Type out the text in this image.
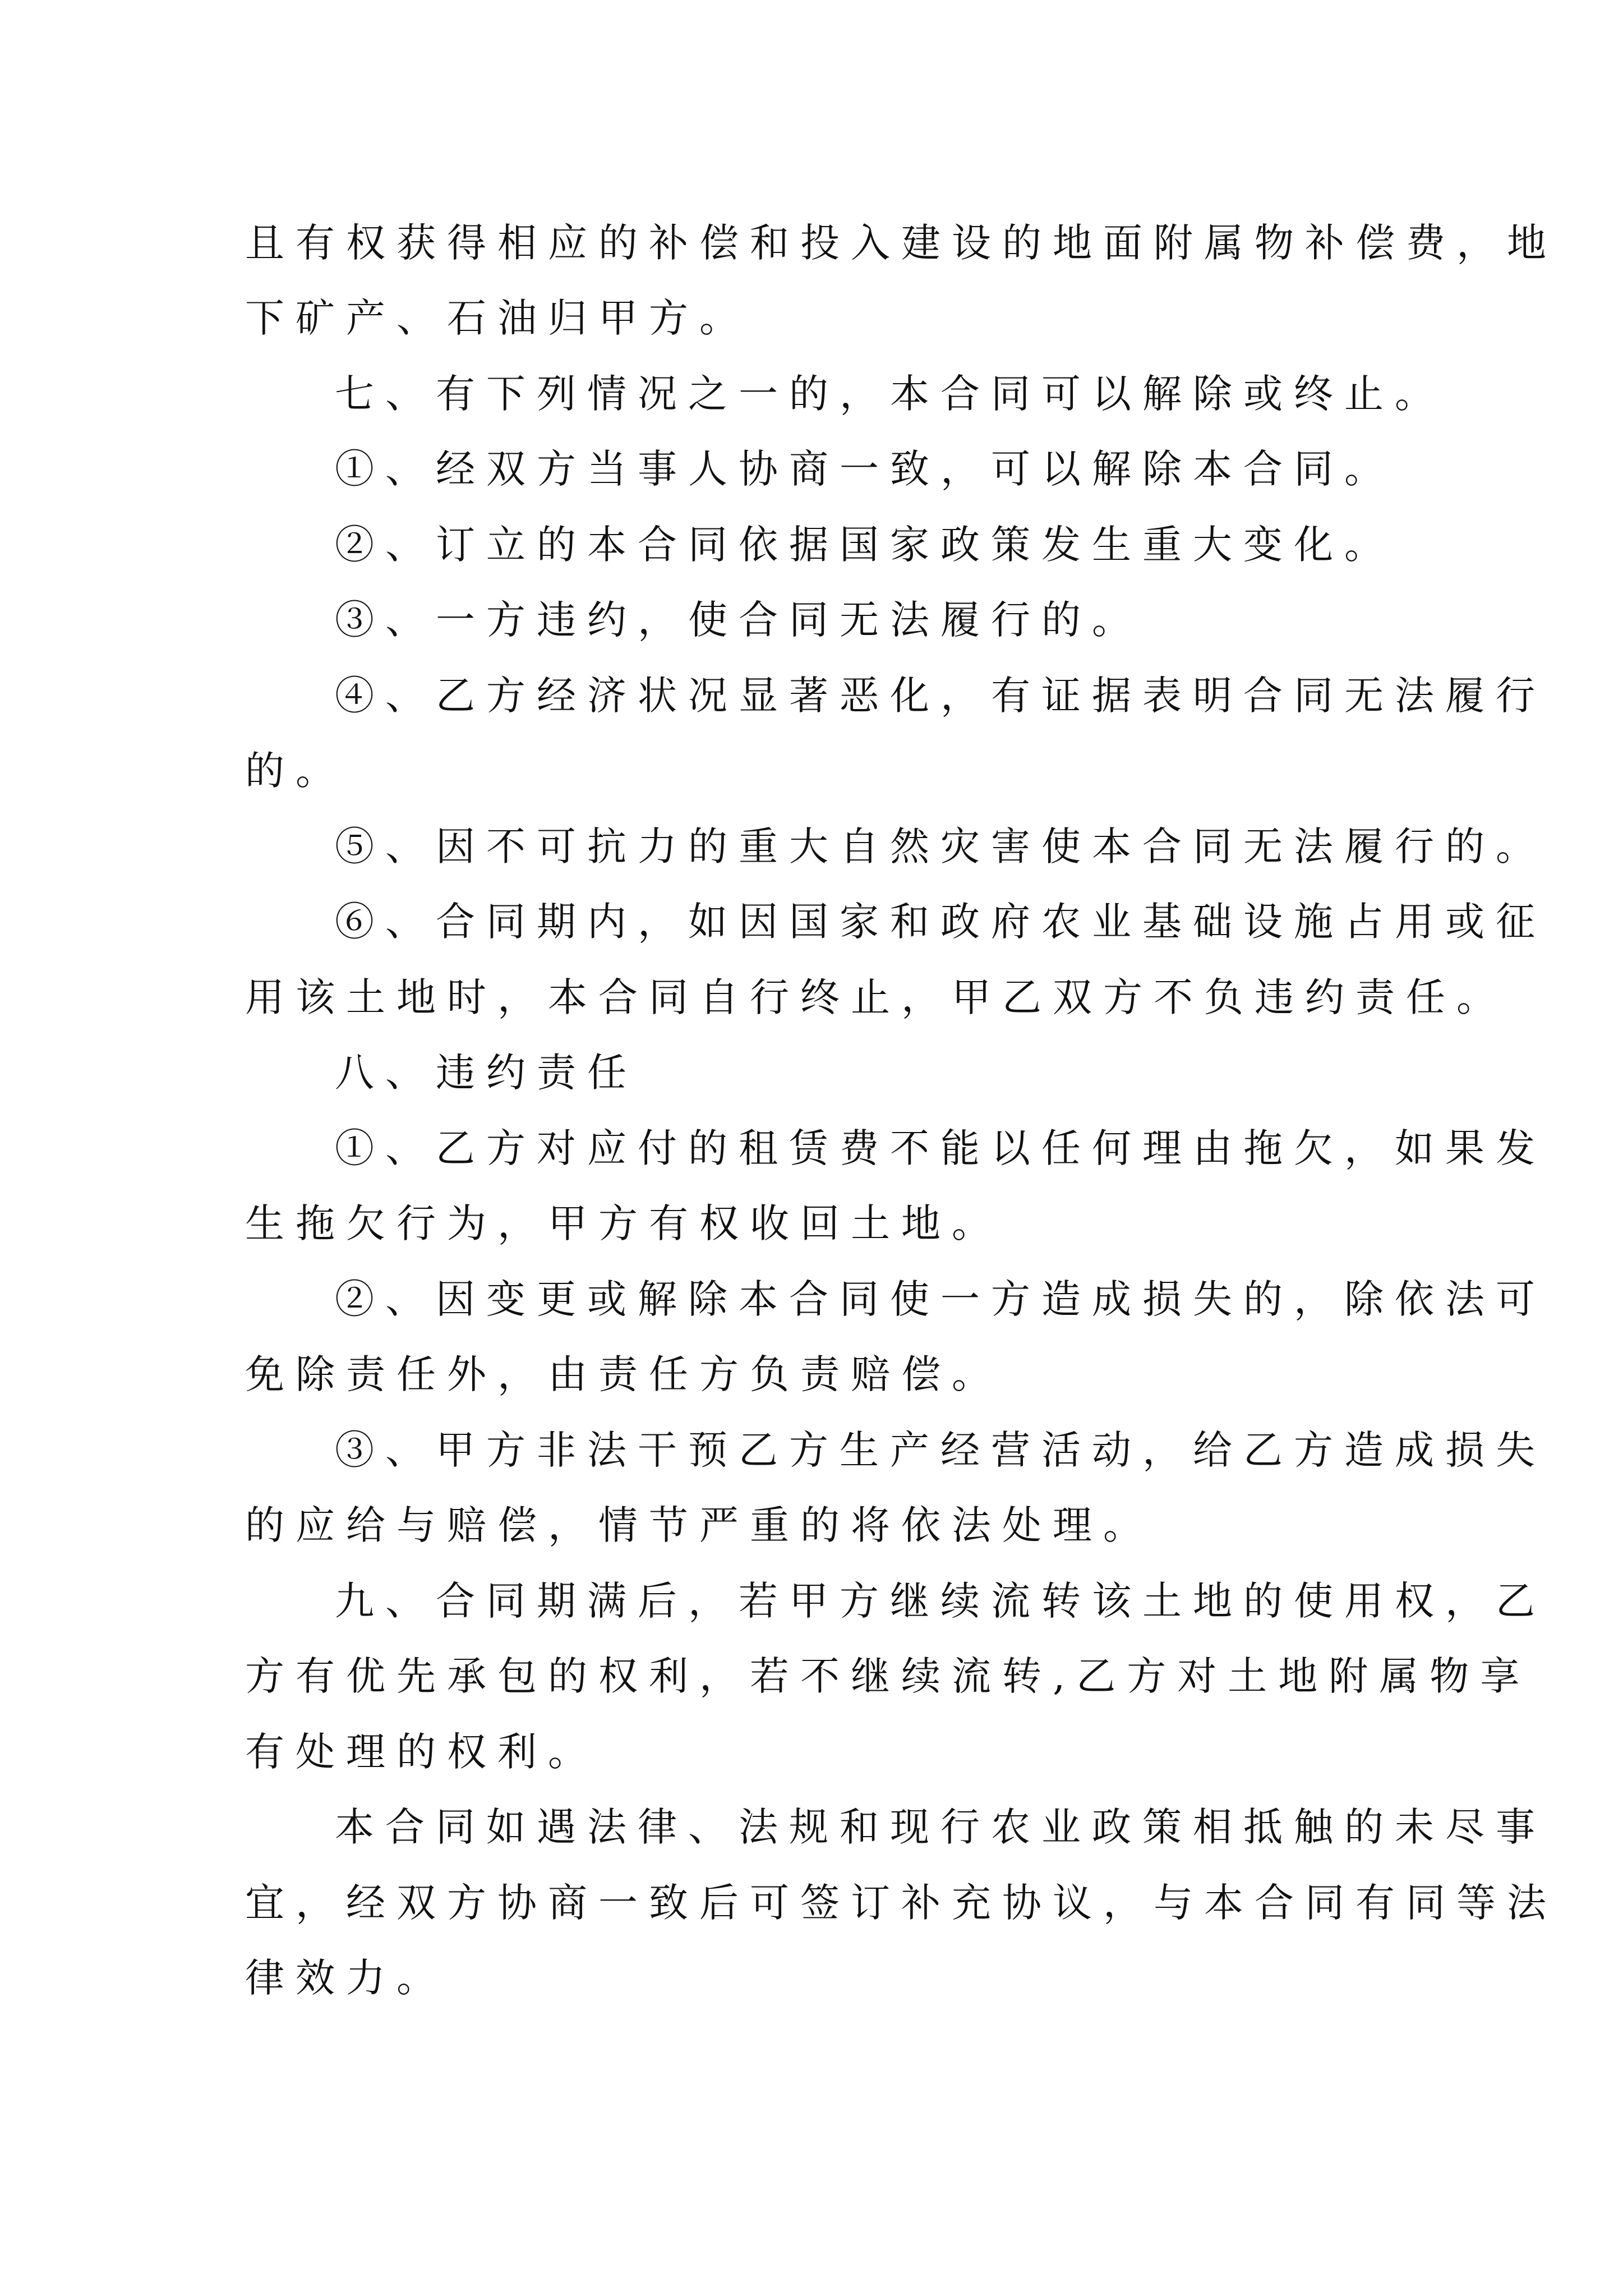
且有权获得相应的补偿和投入建设的地面附属物补偿费，地
下矿产、石油归甲方。
七、有下列情况之一的，本合同可以解除或终止。
①、经双方当事人协商一致，可以解除本合同。
②、订立的本合同依据国家政策发生重大变化。
③、一方违约，使合同无法履行的。
④、乙方经济状况显著恶化，有证据表明合同无法履行
的。
⑤、因不可抗力的重大自然灾害使本合同无法履行的。
⑥、合同期内，如因国家和政府农业基础设施占用或征
用该土地时，本合同自行终止，甲乙双方不负违约责任。
八、违约责任
①、乙方对应付的租赁费不能以任何理由拖欠，如果发
生拖欠行为，甲方有权收回土地。
②、因变更或解除本合同使一方造成损失的，除依法可
免除责任外，由责任方负责赔偿。
③、甲方非法干预乙方生产经营活动，给乙方造成损失
的应给与赔偿，情节严重的将依法处理。
九、合同期满后，若甲方继续流转该土地的使用权，乙
方有优先承包的权利，若不继续流转,乙方对土地附属物享
有处理的权利。
本合同如遇法律、法规和现行农业政策相抵触的未尽事
宜，经双方协商一致后可签订补充协议，与本合同有同等法
律效力。
